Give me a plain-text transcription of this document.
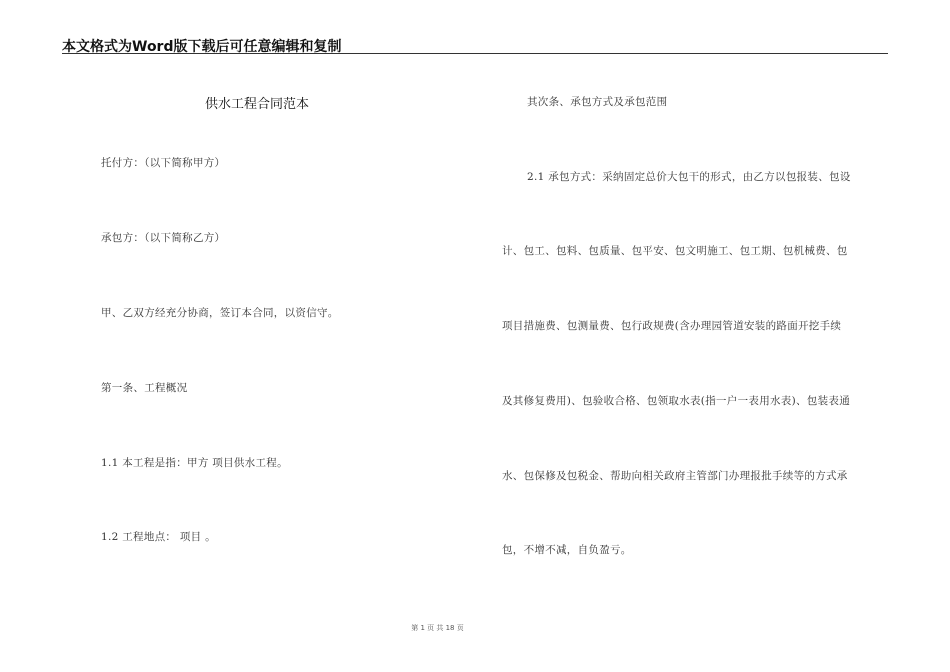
本文格式为Word版下载后可任意编辑和复制
供水工程合同范本
托付方：（以下简称甲方）
承包方：（以下简称乙方）
甲、乙双方经充分协商，签订本合同，以资信守。
第一条、工程概况
1.1 本工程是指：甲方 项目供水工程。
1.2 工程地点： 项目 。
其次条、承包方式及承包范围
2.1 承包方式：采纳固定总价大包干的形式，由乙方以包报装、包设
计、包工、包料、包质量、包平安、包文明施工、包工期、包机械费、包
项目措施费、包测量费、包行政规费(含办理园管道安装的路面开挖手续
及其修复费用)、包验收合格、包领取水表(指一户一表用水表)、包装表通
水、包保修及包税金、帮助向相关政府主管部门办理报批手续等的方式承
包，不增不减，自负盈亏。
第 1 页 共 18 页
